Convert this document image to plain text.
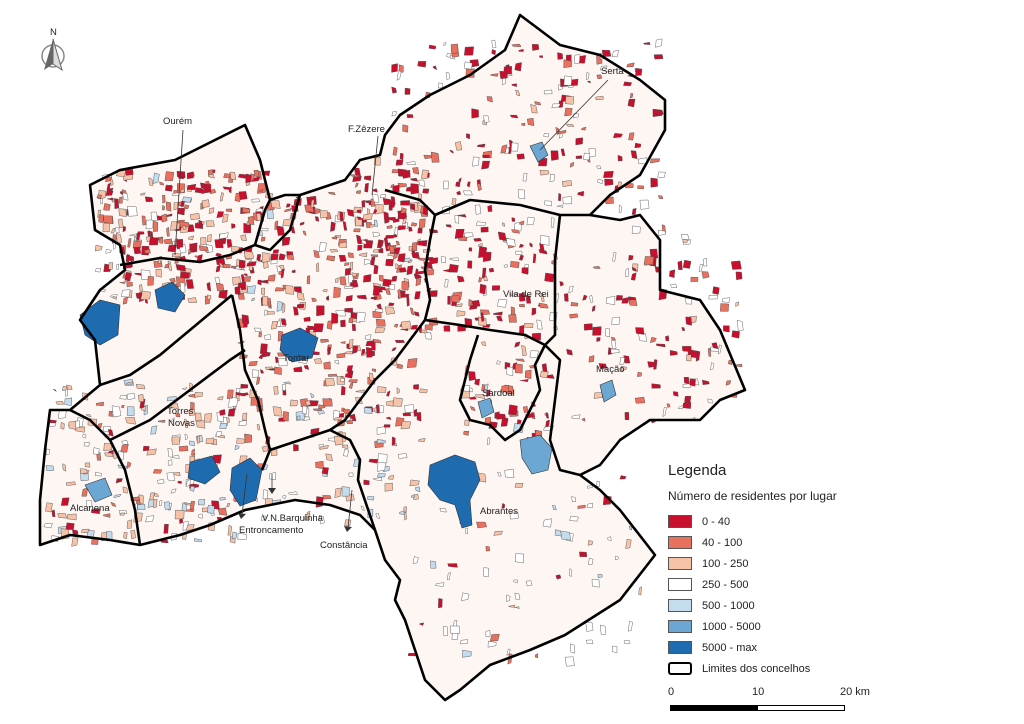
N
Sertã
Ourém
F.Zêzere
Vila de Rei
Tomar
Mação
Sardoal
Torres
Novas
Alcanena
V.N.Barquinha
Entroncamento
Constância
Abrantes
Legenda
Número de residentes por lugar
0 - 40
40 - 100
100 - 250
250 - 500
500 - 1000
1000 - 5000
5000 - max
Limites dos concelhos
0	10	20 km
